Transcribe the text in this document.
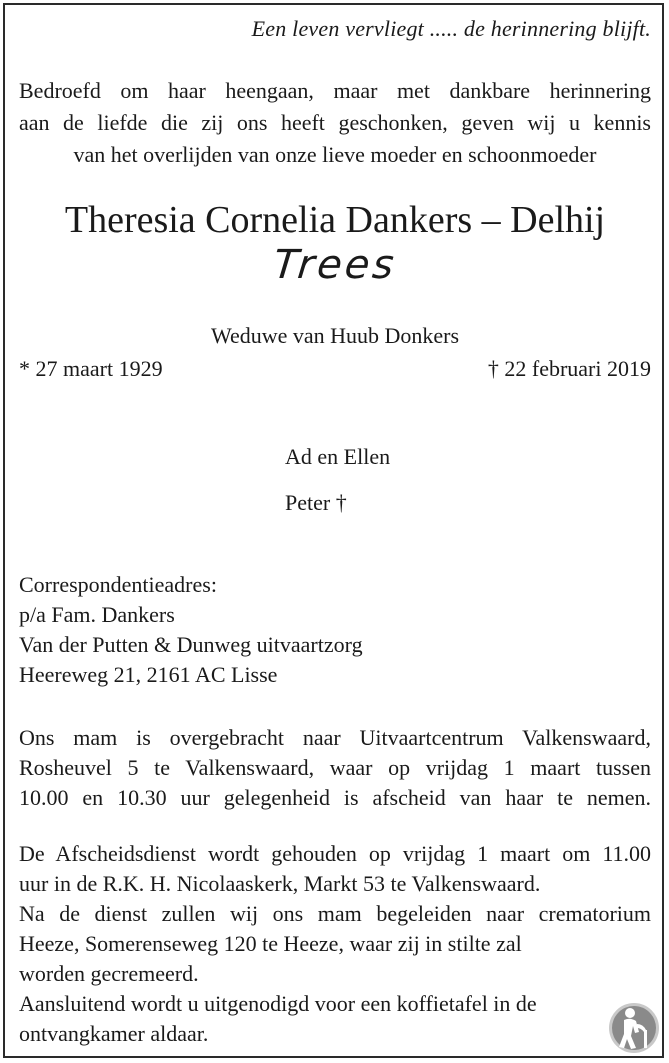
Een leven vervliegt ..... de herinnering blijft.
Bedroefd om haar heengaan, maar met dankbare herinnering
aan de liefde die zij ons heeft geschonken, geven wij u kennis
van het overlijden van onze lieve moeder en schoonmoeder
Theresia Cornelia Dankers – Delhij
Trees
Weduwe van Huub Donkers
* 27 maart 1929	† 22 februari 2019
Ad en Ellen
Peter †
Correspondentieadres:
p/a Fam. Dankers
Van der Putten & Dunweg uitvaartzorg
Heereweg 21, 2161 AC Lisse
Ons mam is overgebracht naar Uitvaartcentrum Valkenswaard,
Rosheuvel 5 te Valkenswaard, waar op vrijdag 1 maart tussen
10.00 en 10.30 uur gelegenheid is afscheid van haar te nemen.
De Afscheidsdienst wordt gehouden op vrijdag 1 maart om 11.00
uur in de R.K. H. Nicolaaskerk, Markt 53 te Valkenswaard.
Na de dienst zullen wij ons mam begeleiden naar crematorium
Heeze, Somerenseweg 120 te Heeze, waar zij in stilte zal
worden gecremeerd.
Aansluitend wordt u uitgenodigd voor een koffietafel in de
ontvangkamer aldaar.
